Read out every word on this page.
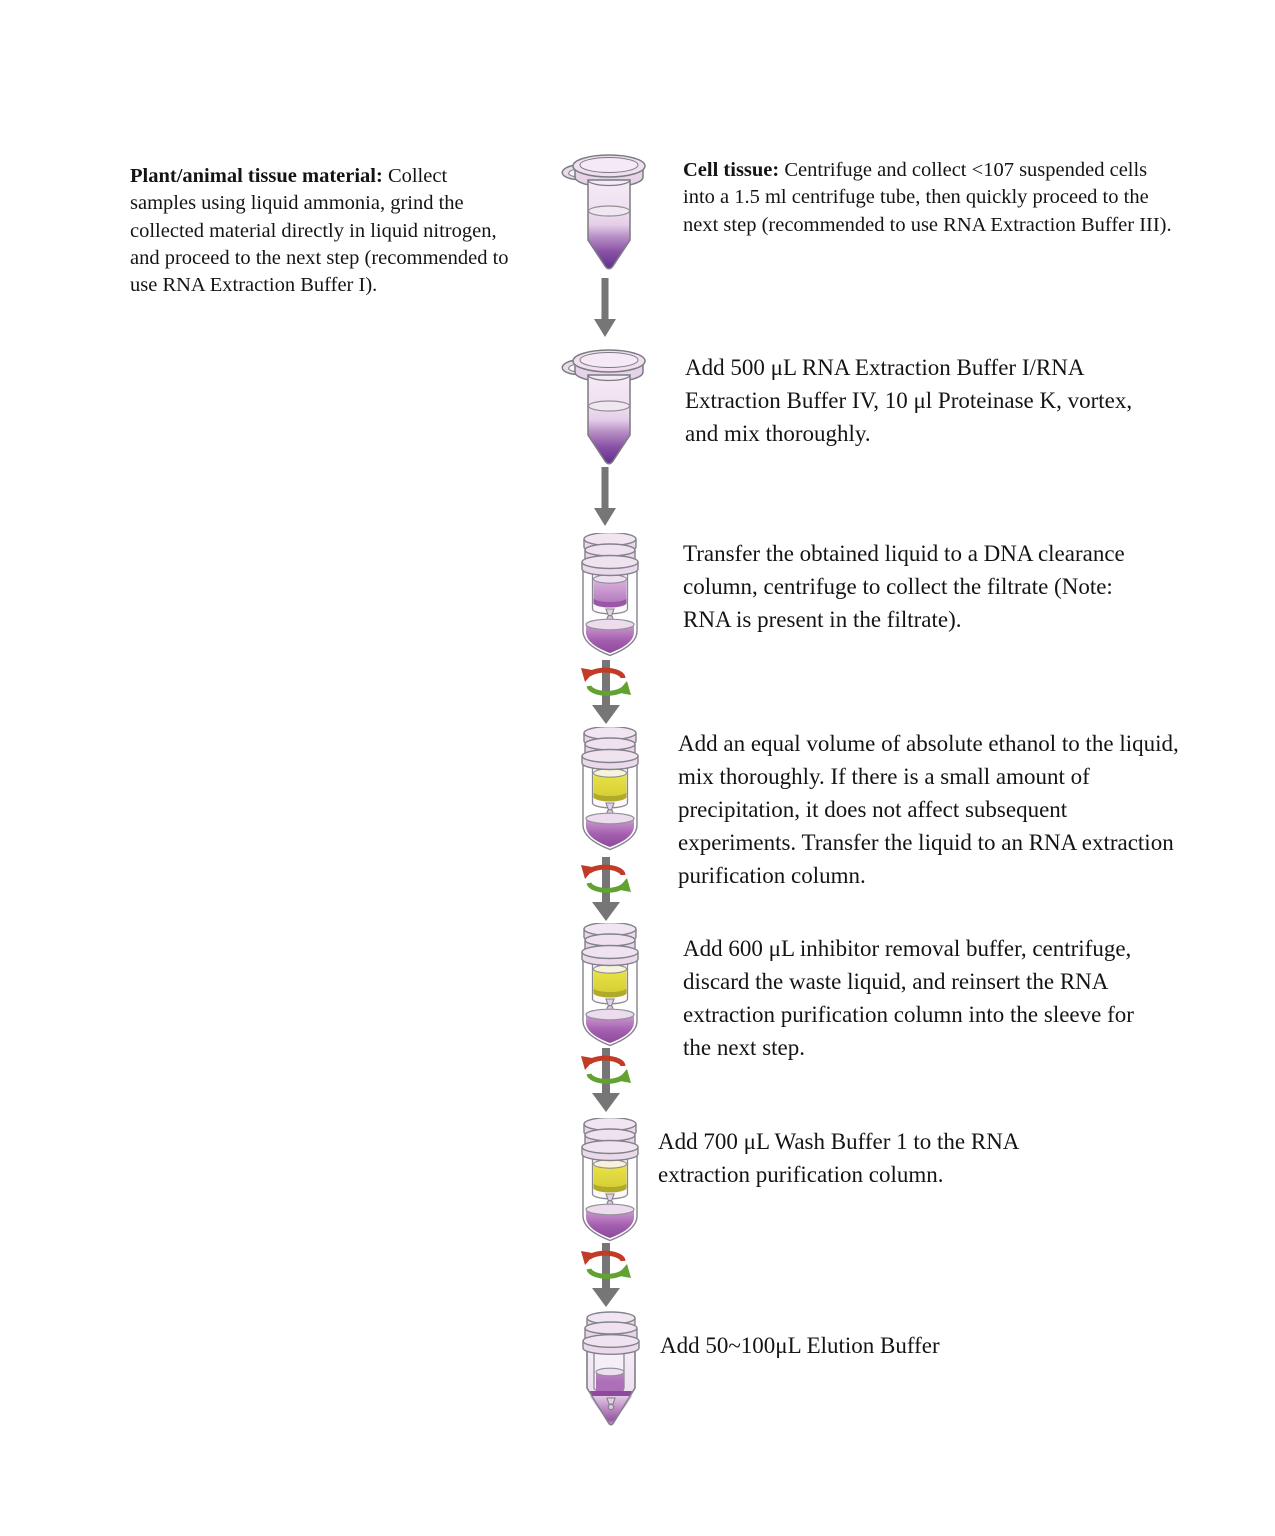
Plant/animal tissue material: Collect samples using liquid ammonia, grind the collected material directly in liquid nitrogen, and proceed to the next step (recommended to use RNA Extraction Buffer I).
Cell tissue: Centrifuge and collect <107 suspended cells into a 1.5 ml centrifuge tube, then quickly proceed to the next step (recommended to use RNA Extraction Buffer III).
Add 500 μL RNA Extraction Buffer I/RNA Extraction Buffer IV, 10 μl Proteinase K, vortex, and mix thoroughly.
Transfer the obtained liquid to a DNA clearance column, centrifuge to collect the filtrate (Note: RNA is present in the filtrate).
Add an equal volume of absolute ethanol to the liquid, mix thoroughly. If there is a small amount of precipitation, it does not affect subsequent experiments. Transfer the liquid to an RNA extraction purification column.
Add 600 μL inhibitor removal buffer, centrifuge, discard the waste liquid, and reinsert the RNA extraction purification column into the sleeve for the next step.
Add 700 μL Wash Buffer 1 to the RNA extraction purification column.
Add 50~100μL Elution Buffer
